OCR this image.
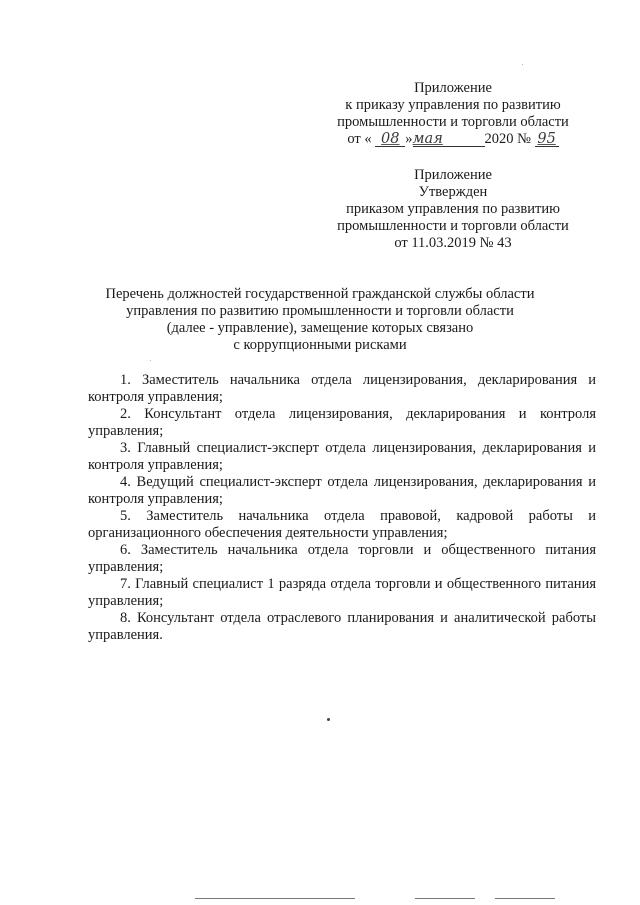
Приложение
к приказу управления по развитию
промышленности и торговли области
от « 08 »мая	2020 № 95
Приложение
Утвержден
приказом управления по развитию
промышленности и торговли области
от 11.03.2019 № 43
Перечень должностей государственной гражданской службы области
управления по развитию промышленности и торговли области
(далее - управление), замещение которых связано
с коррупционными рисками

1. Заместитель начальника отдела лицензирования, декларирования и контроля управления;

2. Консультант отдела лицензирования, декларирования и контроля управления;

3. Главный специалист-эксперт отдела лицензирования, декларирования и контроля управления;

4. Ведущий специалист-эксперт отдела лицензирования, декларирования и контроля управления;

5. Заместитель начальника отдела правовой, кадровой работы и организационного обеспечения деятельности управления;

6. Заместитель начальника отдела торговли и общественного питания управления;

7. Главный специалист 1 разряда отдела торговли и общественного питания управления;

8. Консультант отдела отраслевого планирования и аналитической работы управления.
